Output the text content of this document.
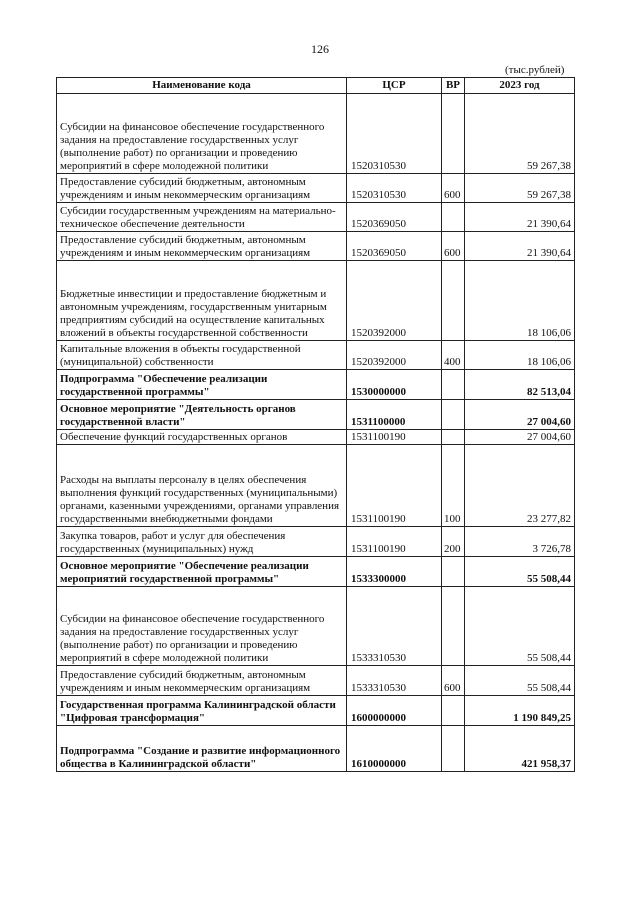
126
(тыс.рублей)
Наименование кода	ЦСР	ВР	2023 год
Субсидии на финансовое обеспечение государственного задания на предоставление государственных услуг (выполнение работ) по организации и проведению мероприятий в сфере молодежной политики	1520310530		59 267,38
Предоставление субсидий бюджетным, автономным учреждениям и иным некоммерческим организациям	1520310530	600	59 267,38
Субсидии государственным учреждениям на материально-техническое обеспечение деятельности	1520369050		21 390,64
Предоставление субсидий бюджетным, автономным учреждениям и иным некоммерческим организациям	1520369050	600	21 390,64
Бюджетные инвестиции и предоставление бюджетным и автономным учреждениям, государственным унитарным предприятиям субсидий на осуществление капитальных вложений в объекты государственной собственности	1520392000		18 106,06
Капитальные вложения в объекты государственной (муниципальной) собственности	1520392000	400	18 106,06
Подпрограмма "Обеспечение реализации государственной программы"	1530000000		82 513,04
Основное мероприятие "Деятельность органов государственной власти"	1531100000		27 004,60
Обеспечение функций государственных органов	1531100190		27 004,60
Расходы на выплаты персоналу в целях обеспечения выполнения функций государственных (муниципальными) органами, казенными учреждениями, органами управления государственными внебюджетными фондами	1531100190	100	23 277,82
Закупка товаров, работ и услуг для обеспечения государственных (муниципальных) нужд	1531100190	200	3 726,78
Основное мероприятие "Обеспечение реализации мероприятий государственной программы"	1533300000		55 508,44
Субсидии на финансовое обеспечение государственного задания на предоставление государственных услуг (выполнение работ) по организации и проведению мероприятий в сфере молодежной политики	1533310530		55 508,44
Предоставление субсидий бюджетным, автономным учреждениям и иным некоммерческим организациям	1533310530	600	55 508,44
Государственная программа Калининградской области "Цифровая трансформация"	1600000000		1 190 849,25
Подпрограмма "Создание и развитие информационного общества в Калининградской области"	1610000000		421 958,37
